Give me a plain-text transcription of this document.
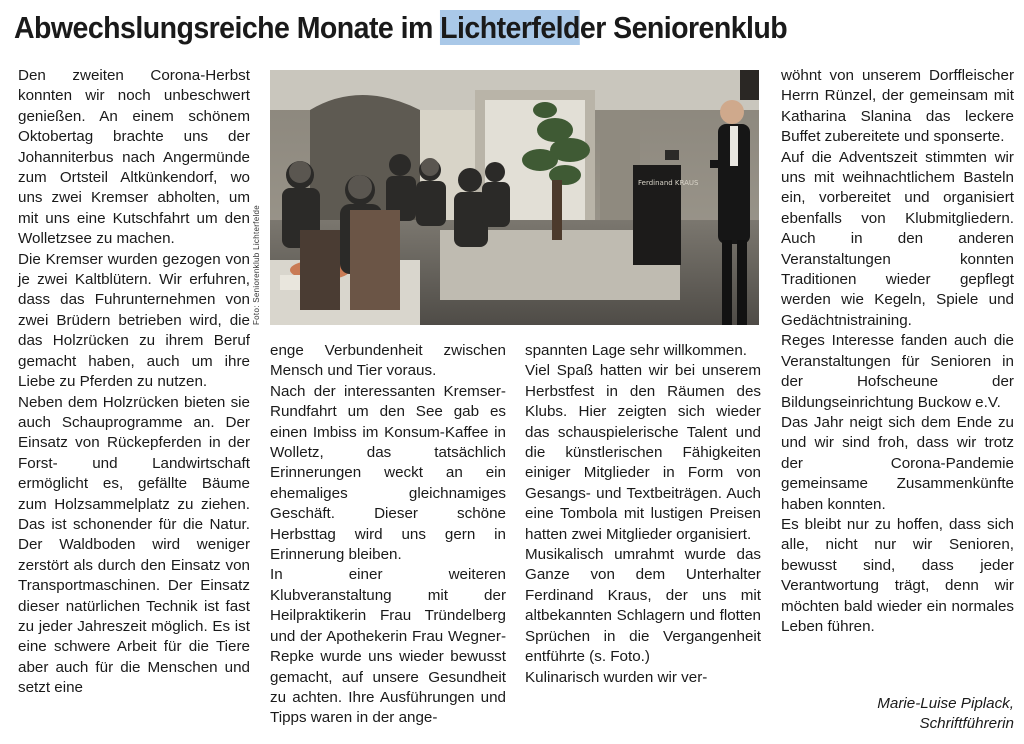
Abwechslungsreiche Monate im Lichterfelder Seniorenklub

Den zweiten Corona-Herbst konnten wir noch unbeschwert genießen. An einem schönem Oktobertag brachte uns der Johanniterbus nach Angermünde zum Ortsteil Altkünkendorf, wo uns zwei Kremser abholten, um mit uns eine Kutschfahrt um den Wolletzsee zu machen.

Die Kremser wurden gezogen von je zwei Kaltblütern. Wir erfuhren, dass das Fuhrunternehmen von zwei Brüdern betrieben wird, die das Holzrücken zu ihrem Beruf gemacht haben, auch um ihre Liebe zu Pferden zu nutzen.

Neben dem Holzrücken bieten sie auch Schauprogramme an. Der Einsatz von Rückepferden in der Forst- und Landwirtschaft ermöglicht es, gefällte Bäume zum Holzsammelplatz zu ziehen. Das ist schonender für die Natur. Der Waldboden wird weniger zerstört als durch den Einsatz von Transportmaschinen. Der Einsatz dieser natürlichen Technik ist fast zu jeder Jahreszeit möglich. Es ist eine schwere Arbeit für die Tiere aber auch für die Menschen und setzt eine

Ferdinand KRAUS
Foto: Seniorenklub Lichterfelde

enge Verbundenheit zwischen Mensch und Tier voraus.

Nach der interessanten Kremser-Rundfahrt um den See gab es einen Imbiss im Konsum-Kaffee in Wolletz, das tatsächlich Erinnerungen weckt an ein ehemaliges gleichnamiges Geschäft. Dieser schöne Herbsttag wird uns gern in Erinnerung bleiben.

In einer weiteren Klubveranstaltung mit der Heilpraktikerin Frau Tründelberg und der Apothekerin Frau Wegner-Repke wurde uns wieder bewusst gemacht, auf unsere Gesundheit zu achten. Ihre Ausführungen und Tipps waren in der ange-

spannten Lage sehr willkommen.

Viel Spaß hatten wir bei unserem Herbstfest in den Räumen des Klubs. Hier zeigten sich wieder das schauspielerische Talent und die künstlerischen Fähigkeiten einiger Mitglieder in Form von Gesangs- und Textbeiträgen. Auch eine Tombola mit lustigen Preisen hatten zwei Mitglieder organisiert.

Musikalisch umrahmt wurde das Ganze von dem Unterhalter Ferdinand Kraus, der uns mit altbekannten Schlagern und flotten Sprüchen in die Vergangenheit entführte (s. Foto.)

Kulinarisch wurden wir ver-

wöhnt von unserem Dorffleischer Herrn Rünzel, der gemeinsam mit Katharina Slanina das leckere Buffet zubereitete und sponserte.

Auf die Adventszeit stimmten wir uns mit weihnachtlichem Basteln ein, vorbereitet und organisiert ebenfalls von Klubmitgliedern. Auch in den anderen Veranstaltungen konnten Traditionen wieder gepflegt werden wie Kegeln, Spiele und Gedächtnistraining.

Reges Interesse fanden auch die Veranstaltungen für Senioren in der Hofscheune der Bildungseinrichtung Buckow e.V.

Das Jahr neigt sich dem Ende zu und wir sind froh, dass wir trotz der Corona-Pandemie gemeinsame Zusammenkünfte haben konnten.

Es bleibt nur zu hoffen, dass sich alle, nicht nur wir Senioren, bewusst sind, dass jeder Verantwortung trägt, denn wir möchten bald wieder ein normales Leben führen.

Marie-Luise Piplack,
Schriftführerin
